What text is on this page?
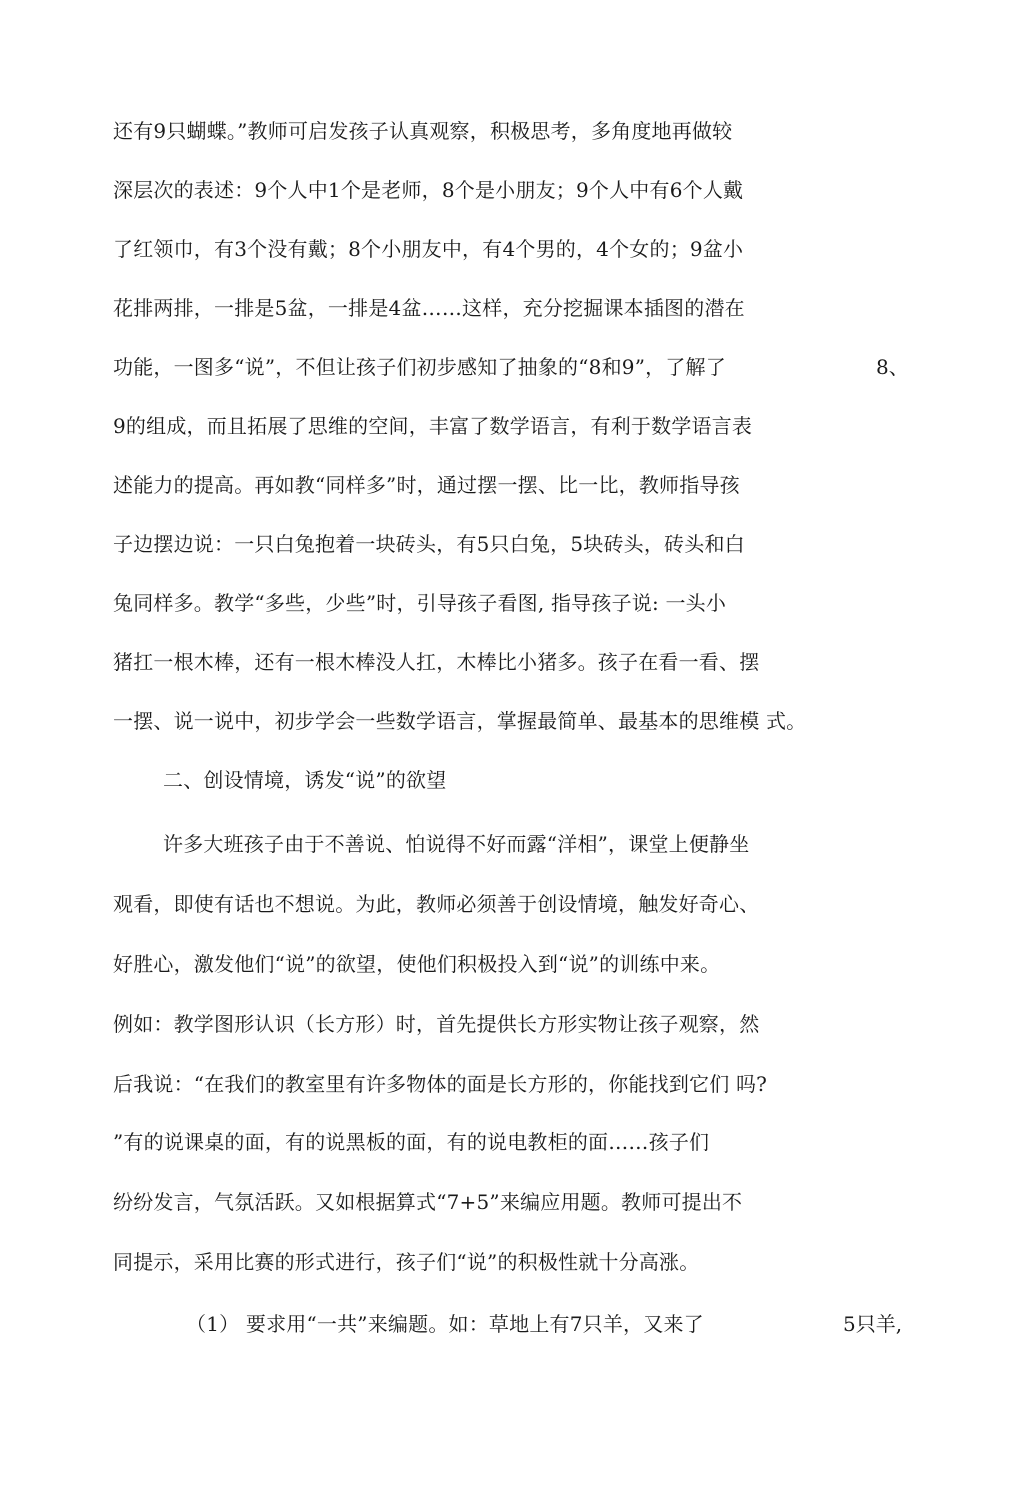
还有9只蝴蝶。”教师可启发孩子认真观察，积极思考，多角度地再做较
深层次的表述：9个人中1个是老师，8个是小朋友；9个人中有6个人戴
了红领巾，有3个没有戴；8个小朋友中，有4个男的，4个女的；9盆小
花排两排，一排是5盆，一排是4盆……这样，充分挖掘课本插图的潜在
功能，一图多“说”，不但让孩子们初步感知了抽象的“8和9”，了解了	8、
9的组成，而且拓展了思维的空间，丰富了数学语言，有利于数学语言表
述能力的提高。再如教“同样多”时，通过摆一摆、比一比，教师指导孩
子边摆边说：一只白兔抱着一块砖头，有5只白兔，5块砖头，砖头和白
兔同样多。教学“多些，少些”时，引导孩子看图, 指导孩子说: 一头小
猪扛一根木棒，还有一根木棒没人扛，木棒比小猪多。孩子在看一看、摆
一摆、说一说中，初步学会一些数学语言，掌握最简单、最基本的思维模 式。
二、创设情境，诱发“说”的欲望
许多大班孩子由于不善说、怕说得不好而露“洋相”，课堂上便静坐
观看，即使有话也不想说。为此，教师必须善于创设情境，触发好奇心、
好胜心，激发他们“说”的欲望，使他们积极投入到“说”的训练中来。
例如：教学图形认识（长方形）时，首先提供长方形实物让孩子观察，然
后我说：“在我们的教室里有许多物体的面是长方形的，你能找到它们 吗?
”有的说课桌的面，有的说黑板的面，有的说电教柜的面……孩子们
纷纷发言，气氛活跃。又如根据算式“7+5”来编应用题。教师可提出不
同提示，采用比赛的形式进行，孩子们“说”的积极性就十分高涨。
（1） 要求用“一共”来编题。如：草地上有7只羊，又来了	5只羊,
